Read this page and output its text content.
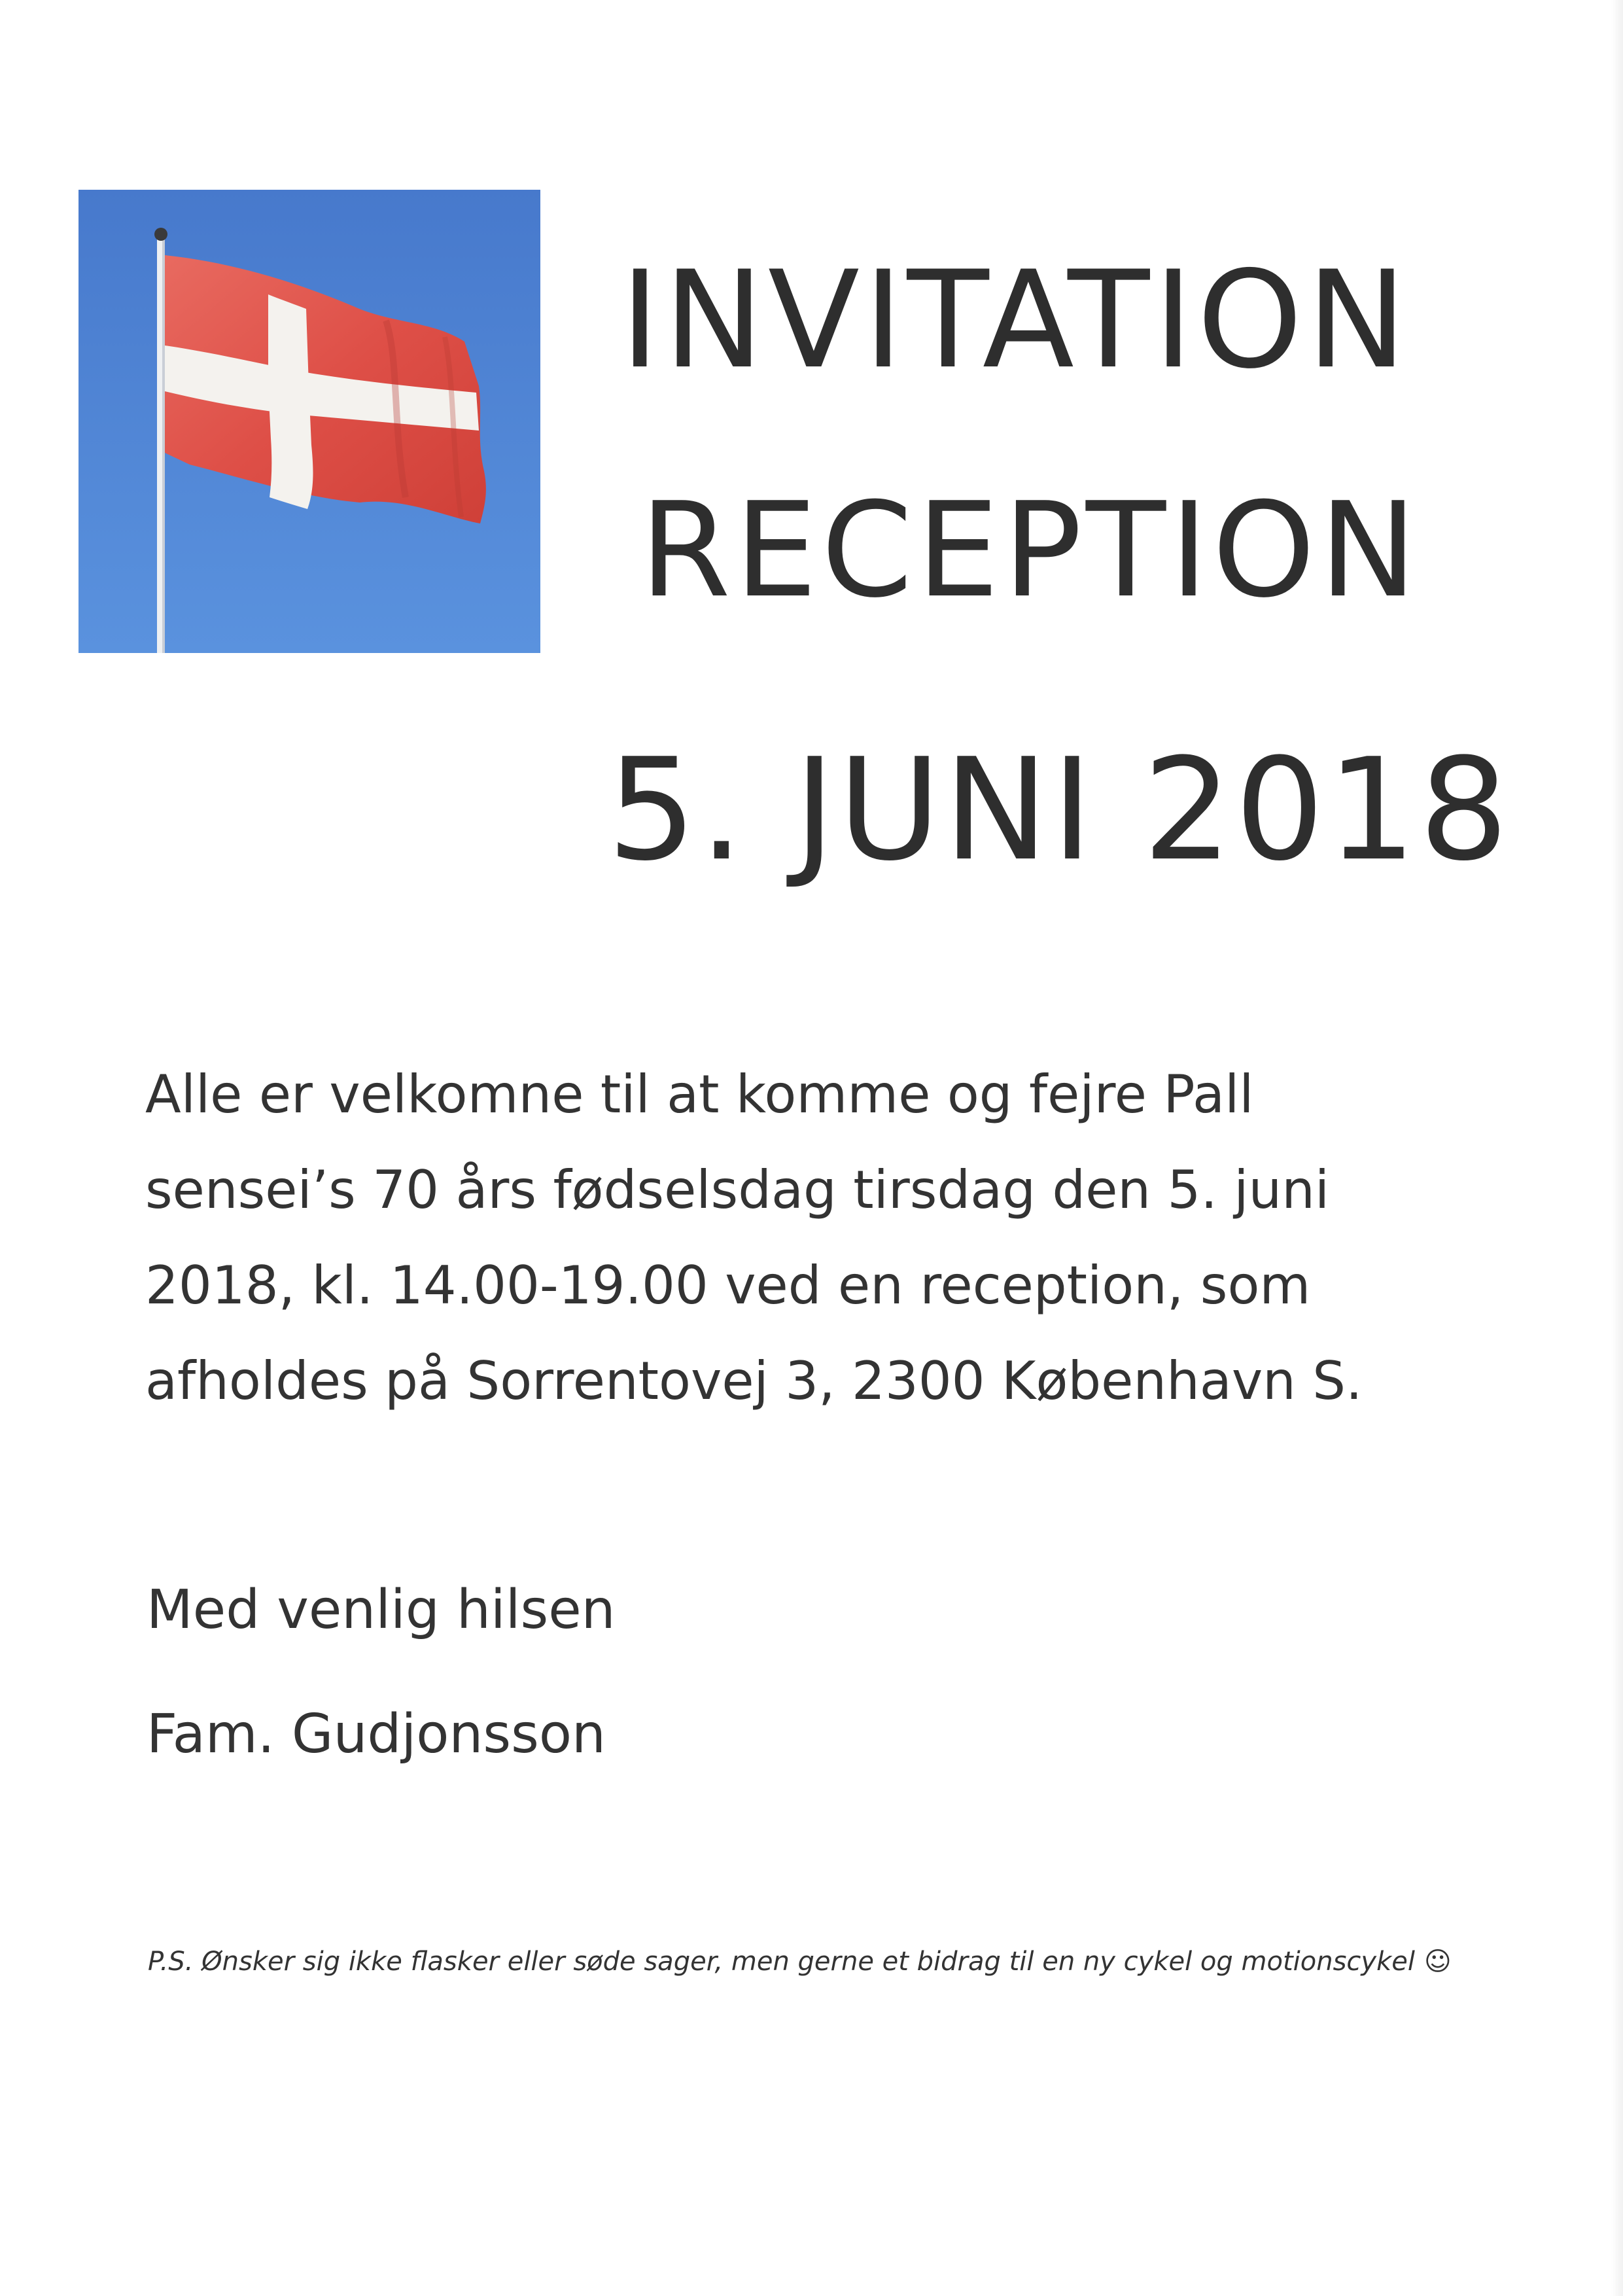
INVITATION
RECEPTION
5. JUNI 2018
Alle er velkomne til at komme og fejre Pall
sensei’s 70 års fødselsdag tirsdag den 5. juni
2018, kl. 14.00-19.00 ved en reception, som
afholdes på Sorrentovej 3, 2300 København S.
Med venlig hilsen
Fam. Gudjonsson
P.S. Ønsker sig ikke flasker eller søde sager, men gerne et bidrag til en ny cykel og motionscykel ☺
